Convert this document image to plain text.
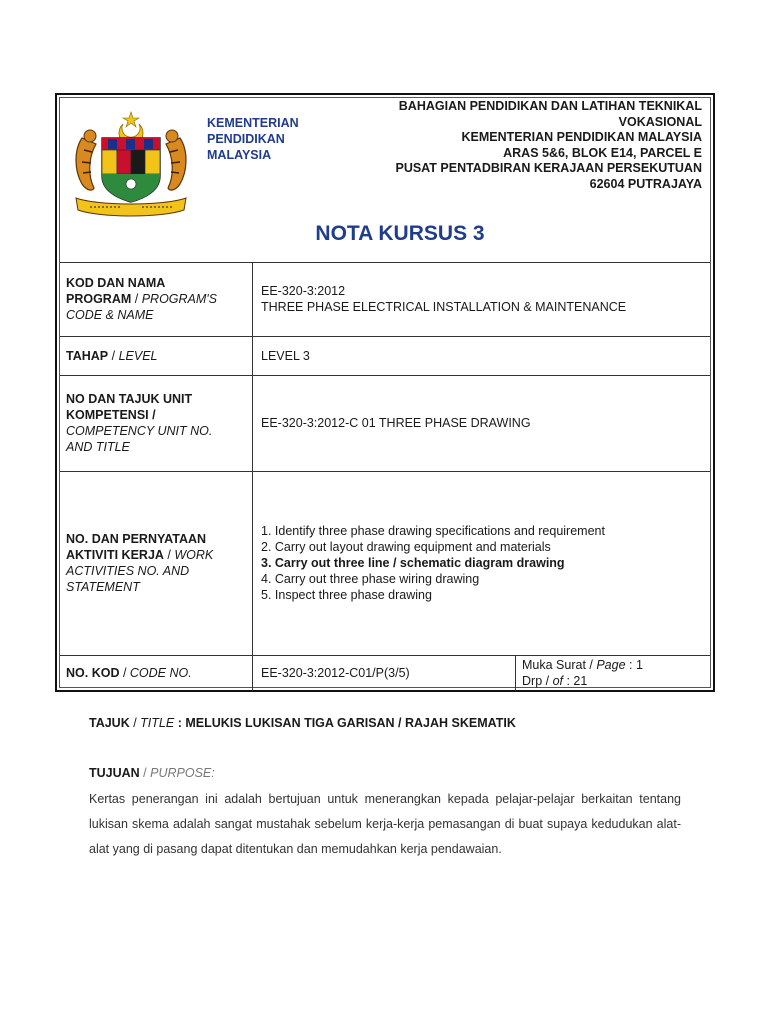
KEMENTERIAN
PENDIDIKAN
MALAYSIA
BAHAGIAN PENDIDIKAN DAN LATIHAN TEKNIKAL
VOKASIONAL
KEMENTERIAN PENDIDIKAN MALAYSIA
ARAS 5&6, BLOK E14, PARCEL E
PUSAT PENTADBIRAN KERAJAAN PERSEKUTUAN
62604 PUTRAJAYA
NOTA KURSUS 3
KOD DAN NAMA
PROGRAM / PROGRAM'S
CODE & NAME
EE-320-3:2012
THREE PHASE ELECTRICAL INSTALLATION & MAINTENANCE
TAHAP / LEVEL	LEVEL 3
NO DAN TAJUK UNIT
KOMPETENSI /
COMPETENCY UNIT NO.
AND TITLE
EE-320-3:2012-C 01 THREE PHASE DRAWING
NO. DAN PERNYATAAN
AKTIVITI KERJA / WORK
ACTIVITIES NO. AND
STATEMENT
1. Identify three phase drawing specifications and requirement
2. Carry out layout drawing equipment and materials
3. Carry out three line / schematic diagram drawing
4. Carry out three phase wiring drawing
5. Inspect three phase drawing
NO. KOD / CODE NO.	EE-320-3:2012-C01/P(3/5)
Muka Surat / Page : 1
Drp / of : 21
TAJUK / TITLE : MELUKIS LUKISAN TIGA GARISAN / RAJAH SKEMATIK
TUJUAN / PURPOSE:
Kertas penerangan ini adalah bertujuan untuk menerangkan kepada pelajar-pelajar berkaitan tentang lukisan skema adalah sangat mustahak sebelum kerja-kerja pemasangan di buat supaya kedudukan alat-alat yang di pasang dapat ditentukan dan memudahkan kerja pendawaian.
